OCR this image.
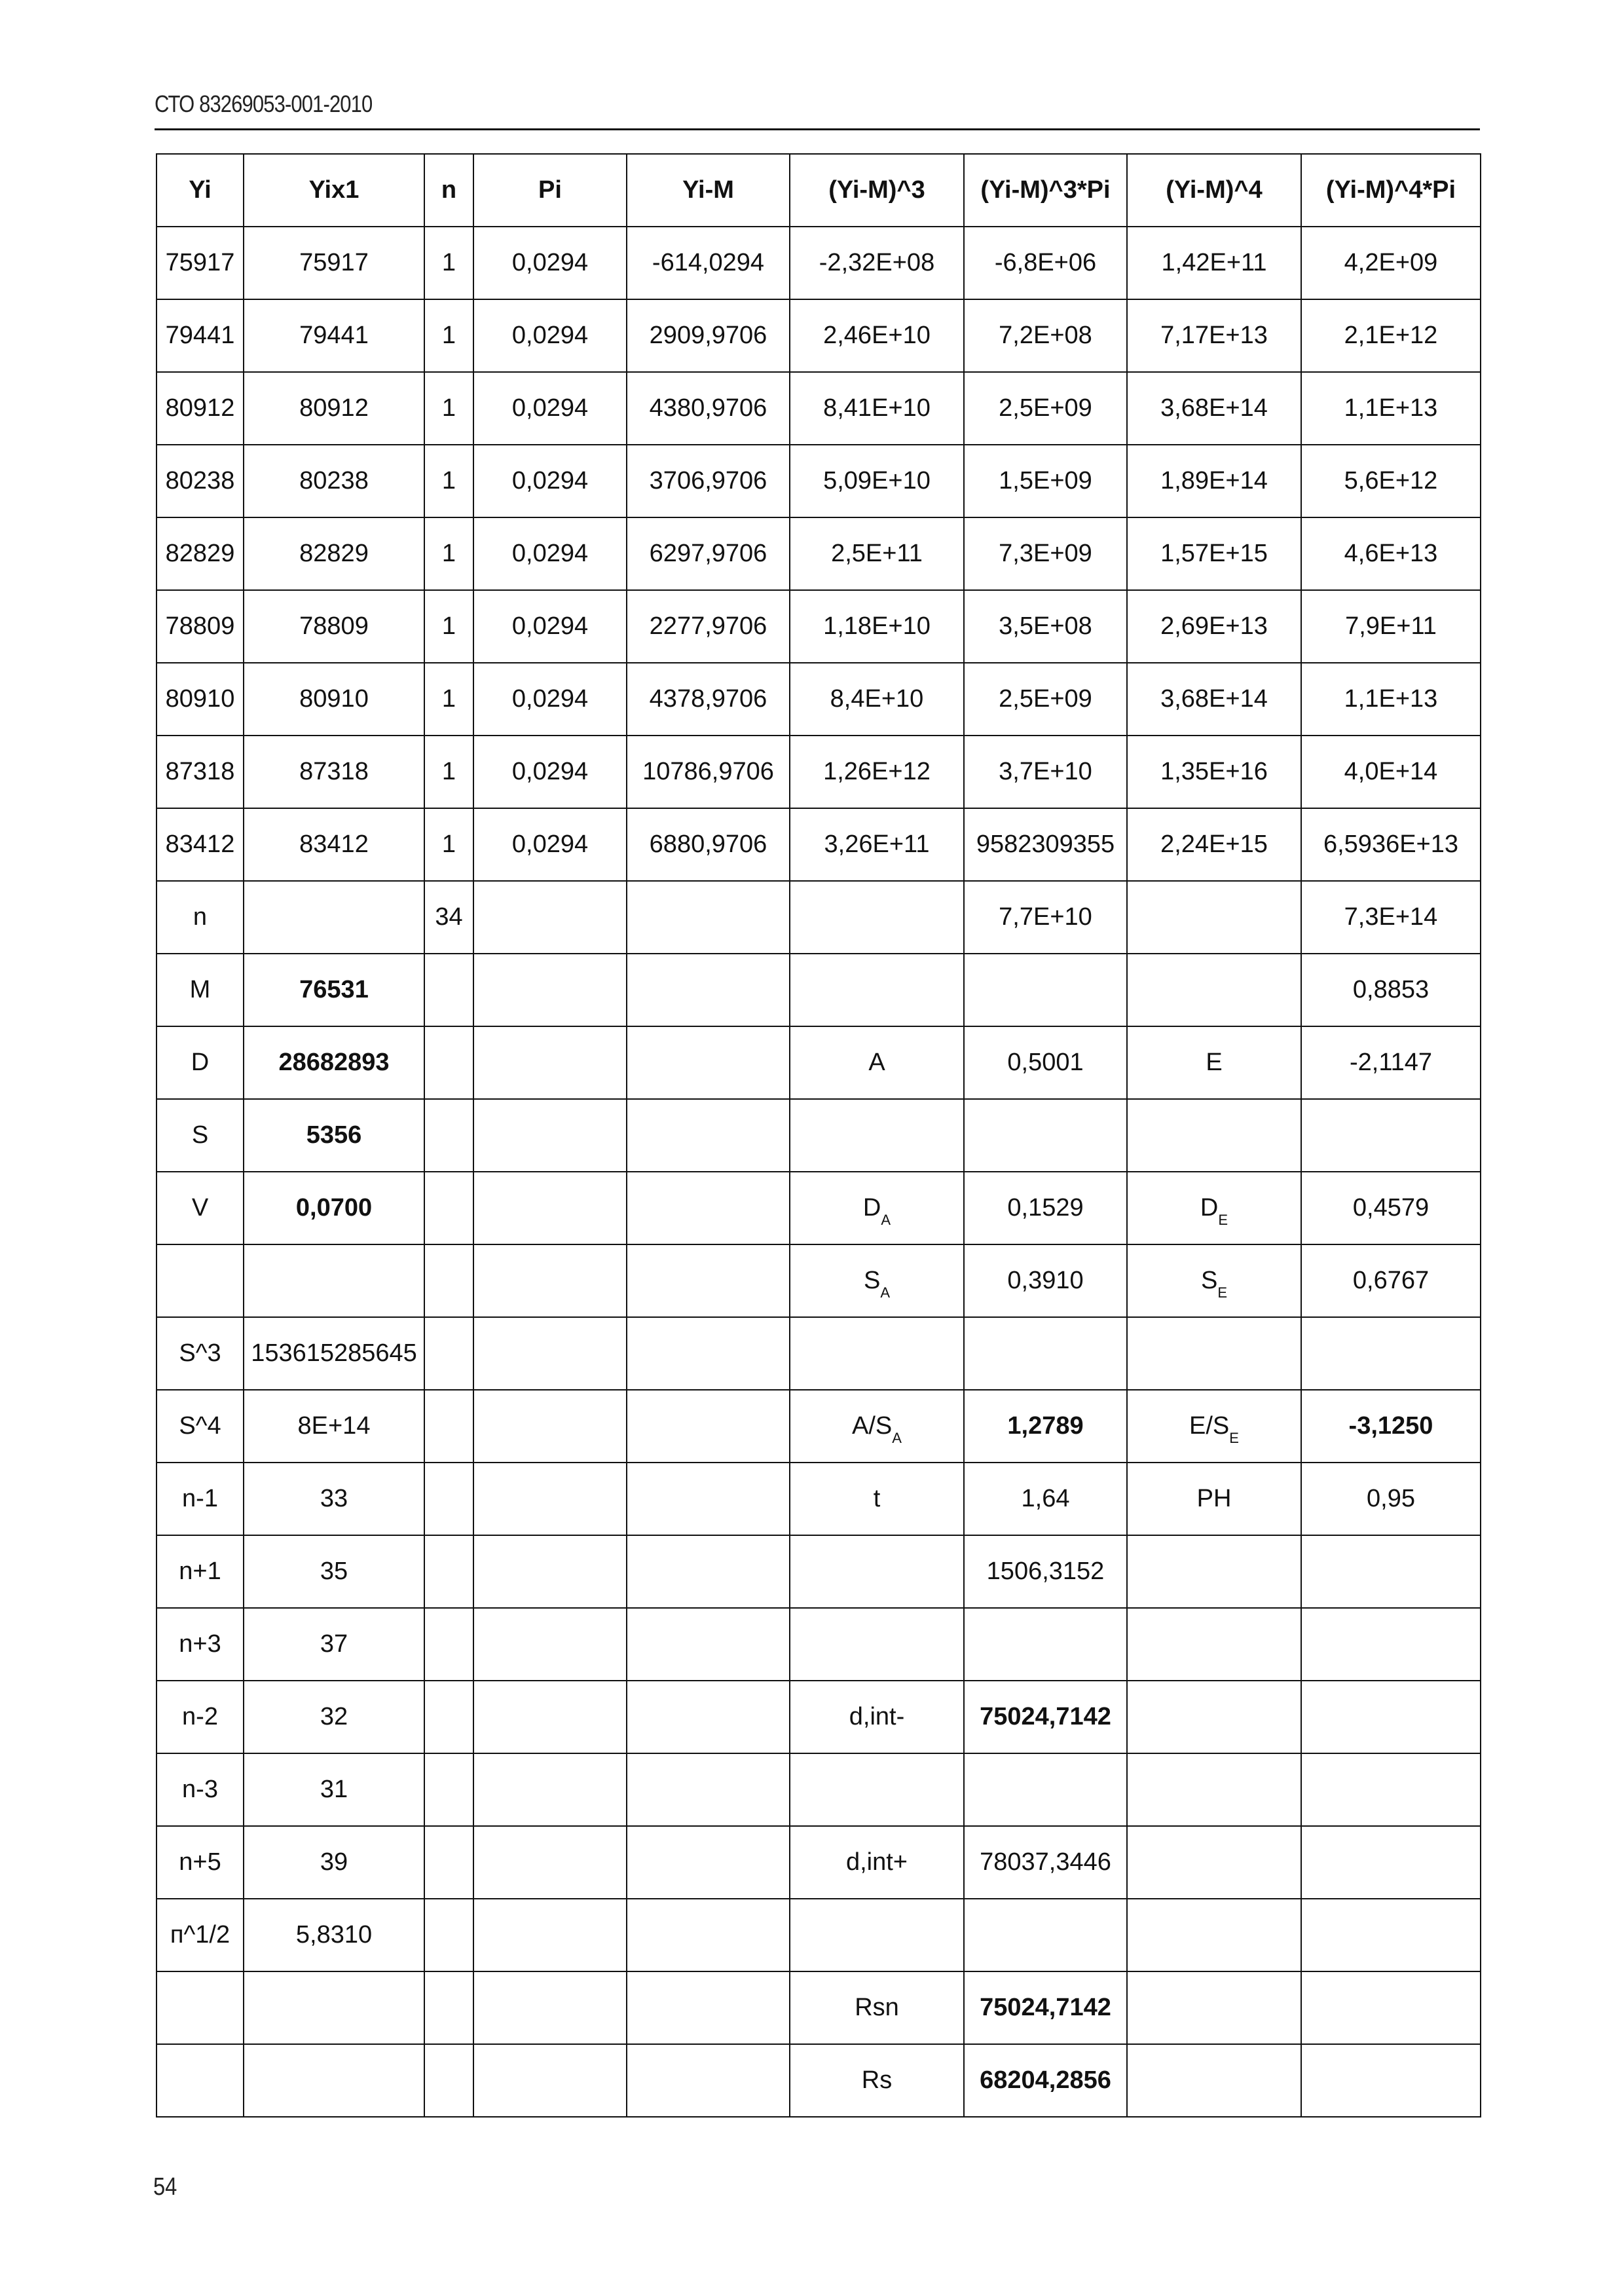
СТО 83269053-001-2010
Yi	Yix1	n	Pi	Yi-M	(Yi-M)^3	(Yi-M)^3*Pi	(Yi-M)^4	(Yi-M)^4*Pi
75917	75917	1	0,0294	-614,0294	-2,32E+08	-6,8E+06	1,42E+11	4,2E+09
79441	79441	1	0,0294	2909,9706	2,46E+10	7,2E+08	7,17E+13	2,1E+12
80912	80912	1	0,0294	4380,9706	8,41E+10	2,5E+09	3,68E+14	1,1E+13
80238	80238	1	0,0294	3706,9706	5,09E+10	1,5E+09	1,89E+14	5,6E+12
82829	82829	1	0,0294	6297,9706	2,5E+11	7,3E+09	1,57E+15	4,6E+13
78809	78809	1	0,0294	2277,9706	1,18E+10	3,5E+08	2,69E+13	7,9E+11
80910	80910	1	0,0294	4378,9706	8,4E+10	2,5E+09	3,68E+14	1,1E+13
87318	87318	1	0,0294	10786,9706	1,26E+12	3,7E+10	1,35E+16	4,0E+14
83412	83412	1	0,0294	6880,9706	3,26E+11	9582309355	2,24E+15	6,5936E+13
n		34				7,7E+10		7,3E+14
M	76531							0,8853
D	28682893				A	0,5001	E	-2,1147
S	5356							
V	0,0700				$D_A$	0,1529	$D_E$	0,4579
					$S_A$	0,3910	$S_E$	0,6767
S^3	153615285645							
S^4	8E+14				$A/S_A$	1,2789	$E/S_E$	-3,1250
n-1	33				t	1,64	PH	0,95
n+1	35					1506,3152		
n+3	37							
n-2	32				d,int-	75024,7142		
n-3	31							
n+5	39				d,int+	78037,3446		
п^1/2	5,8310							
					Rsn	75024,7142		
					Rs	68204,2856		
54
